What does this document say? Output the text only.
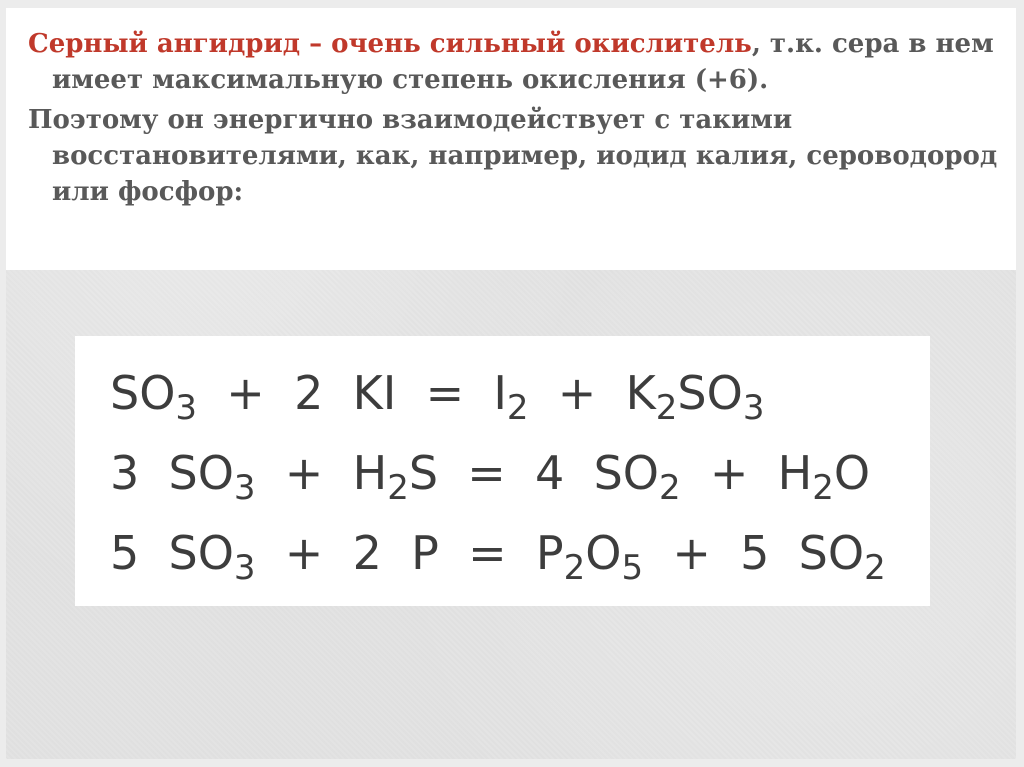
Серный ангидрид – очень сильный окислитель, т.к. сера в нем имеет максимальную степень окисления (+6).

Поэтому он энергично взаимодействует с такими восстановителями, как, например, иодид калия, сероводород или фосфор:

$SO_3 + 2$  KI  =  $I_2 + K_2SO_3$
3  $SO_3 + H_2S = 4$  $SO_2 + H_2O$
5  $SO_3 + 2$  $P = P_2O_5 + 5$  $SO_2$
